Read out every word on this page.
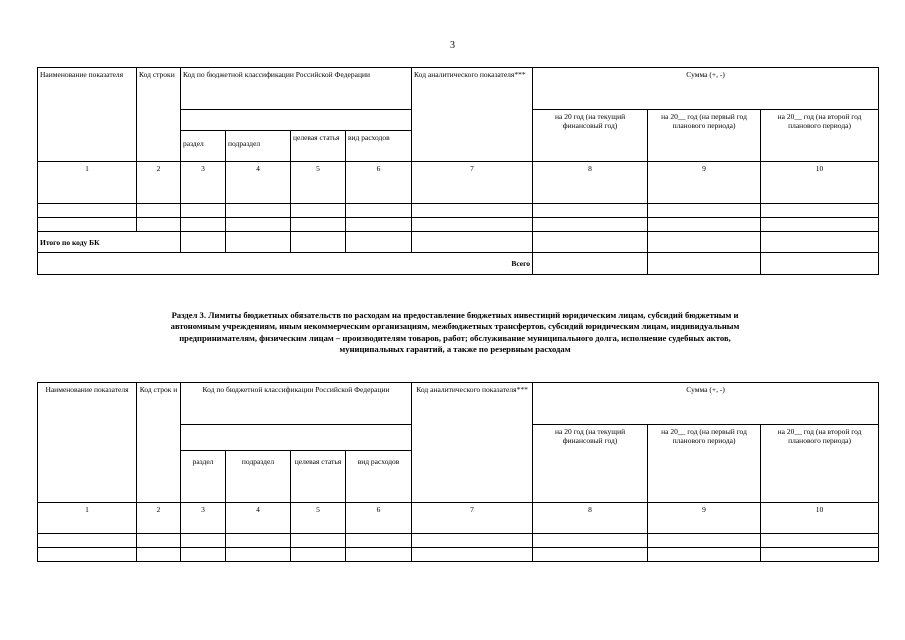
3
Наименование показателя	Код строки	Код по бюджетной классификации Российской Федерации				Код аналитического показателя***	Сумма (+, -)		
							на 20 год (на текущий финансовый год)	на 20__ год (на первый год планового периода)	на 20__ год (на второй год планового периода)
		раздел	подраздел	целевая статья	вид расходов				
1	2	3	4	5	6	7	8	9	10

Итого по коду БК									
Всего									
Раздел 3. Лимиты бюджетных обязательств по расходам на предоставление бюджетных инвестиций юридическим лицам, субсидий бюджетным и
автономным учреждениям, иным некоммерческим организациям, межбюджетных трансфертов, субсидий юридическим лицам, индивидуальным
предпринимателям, физическим лицам – производителям товаров, работ; обслуживание муниципального долга, исполнение судебных актов,
муниципальных гарантий, а также по резервным расходам
Наименование показателя	Код строк и	Код по бюджетной классификации Российской Федерации				Код аналитического показателя***	Сумма (+, -)		
							на 20 год (на текущий финансовый год)	на 20__ год (на первый год планового периода)	на 20__ год (на второй год планового периода)
		раздел	подраздел	целевая статья	вид расходов				
1	2	3	4	5	6	7	8	9	10
